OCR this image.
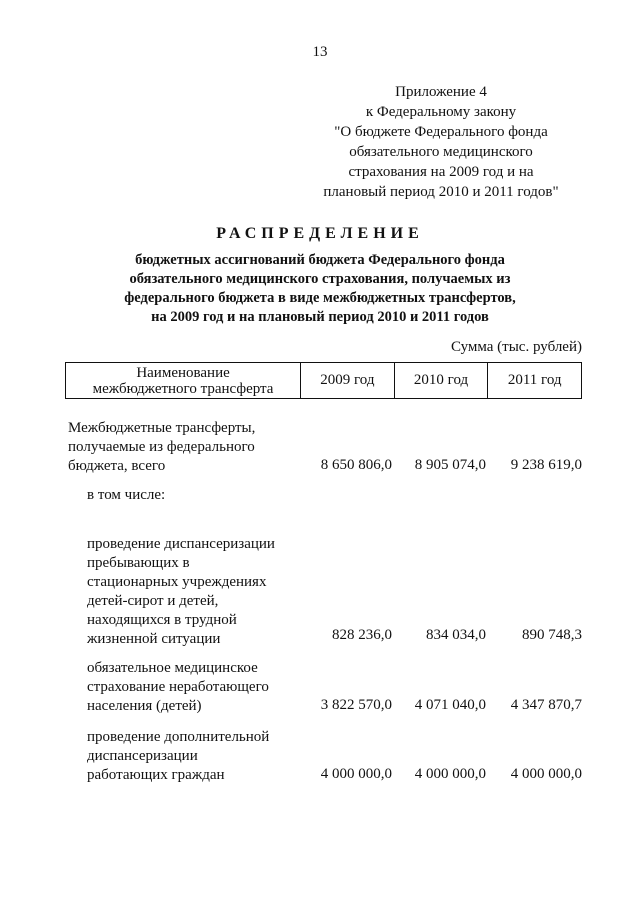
13
Приложение 4
к Федеральному закону
"О бюджете Федерального фонда
обязательного медицинского
страхования на 2009 год и на
плановый период 2010 и 2011 годов"
РАСПРЕДЕЛЕНИЕ
бюджетных ассигнований бюджета Федерального фонда
обязательного медицинского страхования, получаемых из
федерального бюджета в виде межбюджетных трансфертов,
на 2009 год и на плановый период 2010 и 2011 годов
Сумма (тыс. рублей)
Наименование
межбюджетного трансферта
2009 год	2010 год	2011 год
Межбюджетные трансферты,
получаемые из федерального
бюджета, всего	8 650 806,0	8 905 074,0	9 238 619,0
в том числе:
проведение диспансеризации
пребывающих в
стационарных учреждениях
детей-сирот и детей,
находящихся в трудной
жизненной ситуации	828 236,0	834 034,0	890 748,3
обязательное медицинское
страхование неработающего
населения (детей)	3 822 570,0	4 071 040,0	4 347 870,7
проведение дополнительной
диспансеризации
работающих граждан	4 000 000,0	4 000 000,0	4 000 000,0
